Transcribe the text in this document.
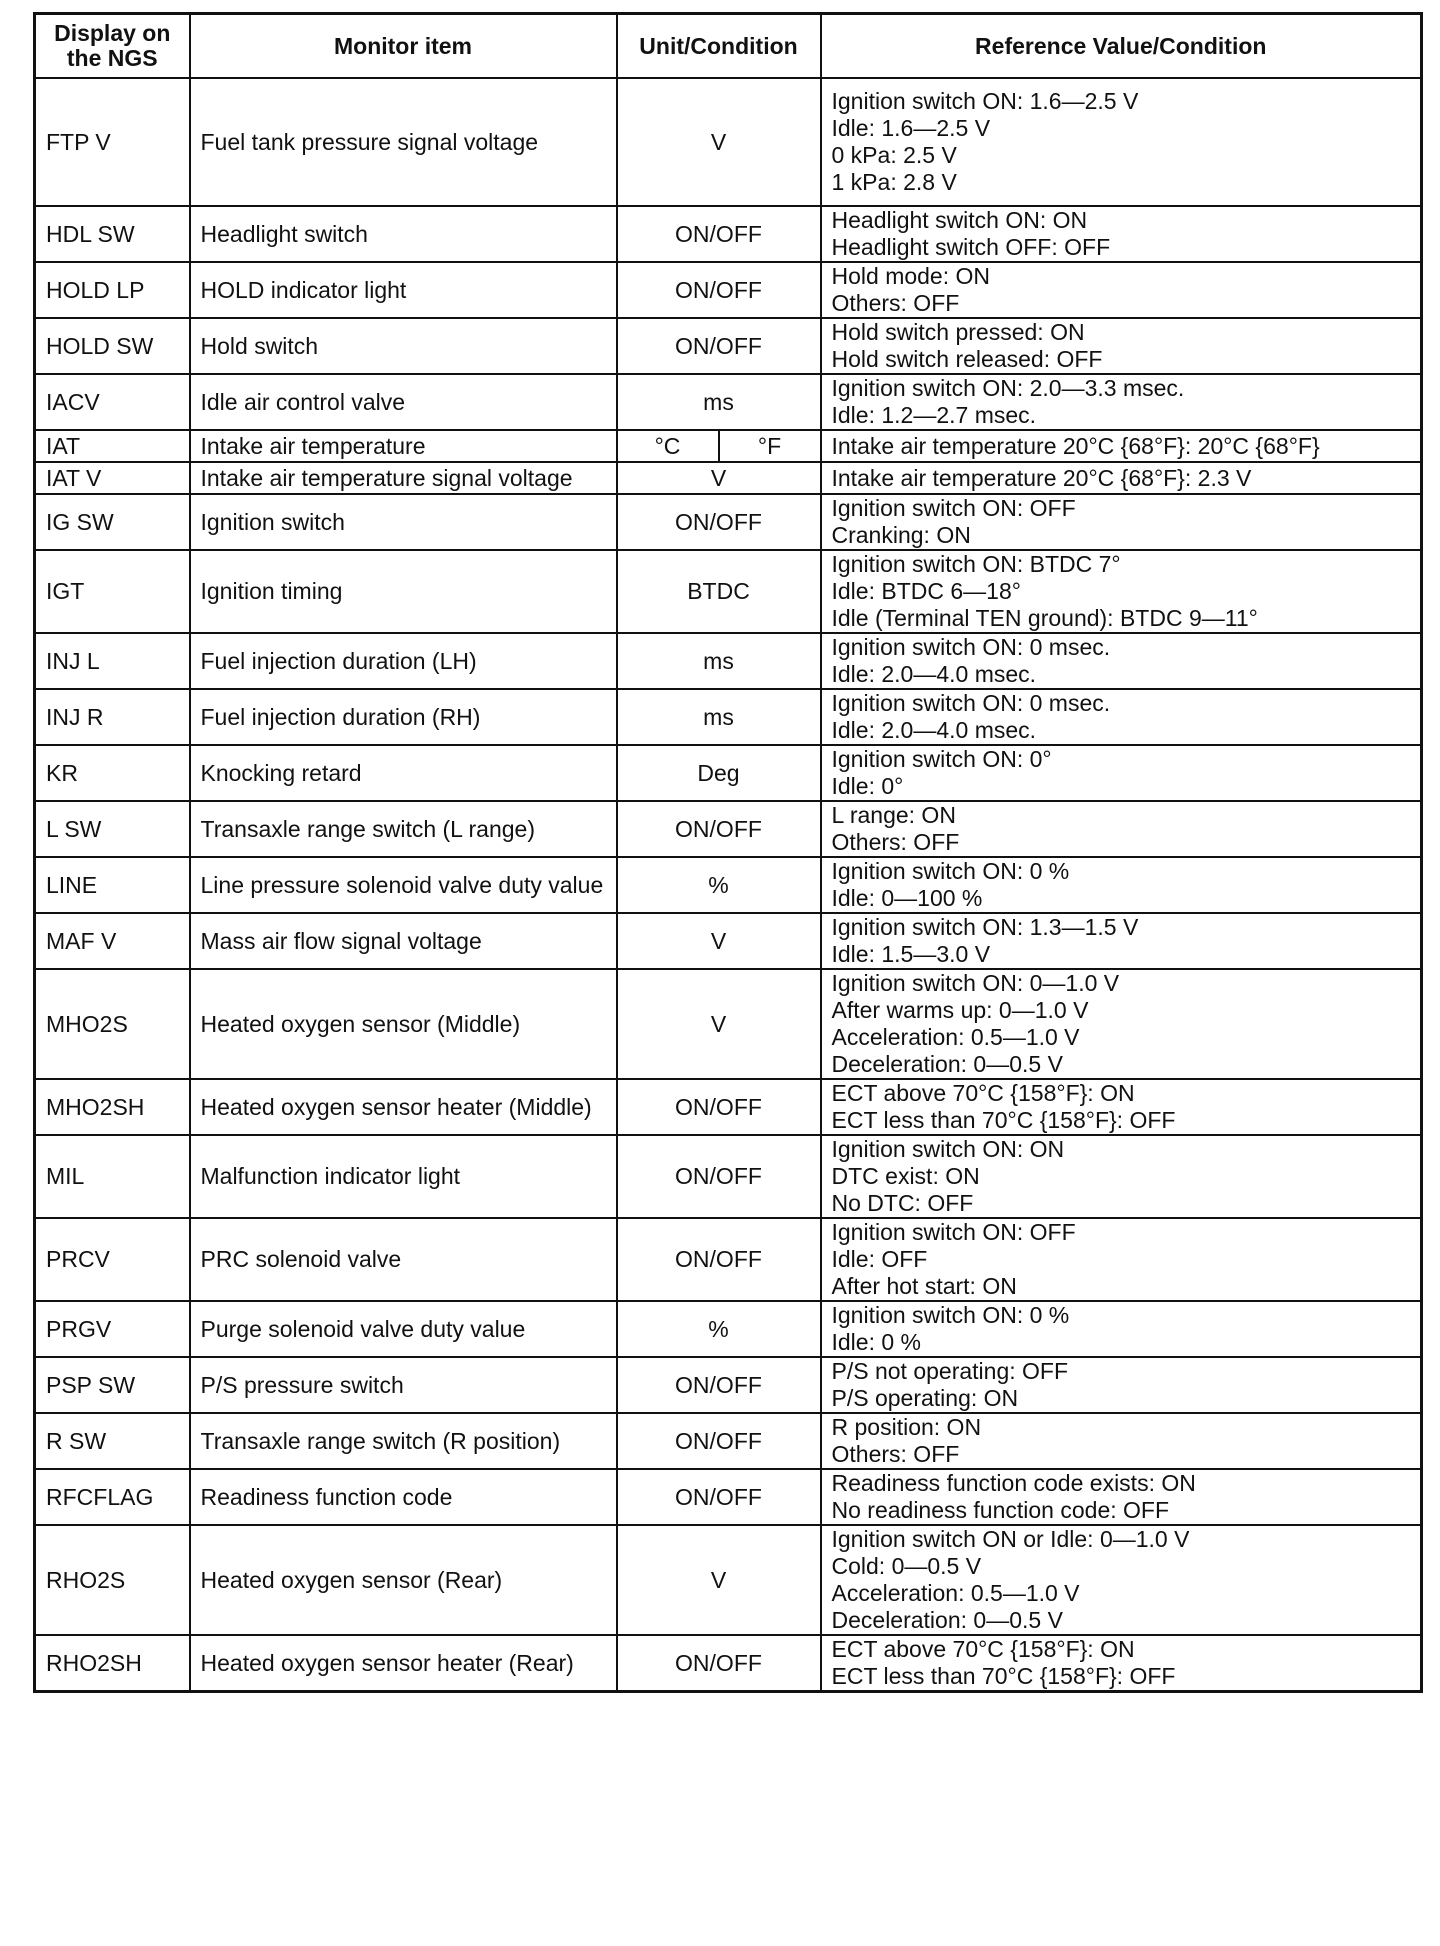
Display on the NGS	Monitor item	Unit/Condition		Reference Value/Condition
FTP V	Fuel tank pressure signal voltage	V		Ignition switch ON: 1.6—2.5 V
Idle: 1.6—2.5 V
0 kPa: 2.5 V
1 kPa: 2.8 V

HDL SW	Headlight switch	ON/OFF		Headlight switch ON: ON
Headlight switch OFF: OFF

HOLD LP	HOLD indicator light	ON/OFF		Hold mode: ON
Others: OFF

HOLD SW	Hold switch	ON/OFF		Hold switch pressed: ON
Hold switch released: OFF

IACV	Idle air control valve	ms		Ignition switch ON: 2.0—3.3 msec.
Idle: 1.2—2.7 msec.

IAT	Intake air temperature	°C	°F	Intake air temperature 20°C {68°F}: 20°C {68°F}

IAT V	Intake air temperature signal voltage	V		Intake air temperature 20°C {68°F}: 2.3 V

IG SW	Ignition switch	ON/OFF		Ignition switch ON: OFF
Cranking: ON

IGT	Ignition timing	BTDC		Ignition switch ON: BTDC 7°
Idle: BTDC 6—18°
Idle (Terminal TEN ground): BTDC 9—11°

INJ L	Fuel injection duration (LH)	ms		Ignition switch ON: 0 msec.
Idle: 2.0—4.0 msec.

INJ R	Fuel injection duration (RH)	ms		Ignition switch ON: 0 msec.
Idle: 2.0—4.0 msec.

KR	Knocking retard	Deg		Ignition switch ON: 0°
Idle: 0°

L SW	Transaxle range switch (L range)	ON/OFF		L range: ON
Others: OFF

LINE	Line pressure solenoid valve duty value	%		Ignition switch ON: 0 %
Idle: 0—100 %

MAF V	Mass air flow signal voltage	V		Ignition switch ON: 1.3—1.5 V
Idle: 1.5—3.0 V

MHO2S	Heated oxygen sensor (Middle)	V		Ignition switch ON: 0—1.0 V
After warms up: 0—1.0 V
Acceleration: 0.5—1.0 V
Deceleration: 0—0.5 V

MHO2SH	Heated oxygen sensor heater (Middle)	ON/OFF		ECT above 70°C {158°F}: ON
ECT less than 70°C {158°F}: OFF

MIL	Malfunction indicator light	ON/OFF		Ignition switch ON: ON
DTC exist: ON
No DTC: OFF

PRCV	PRC solenoid valve	ON/OFF		Ignition switch ON: OFF
Idle: OFF
After hot start: ON

PRGV	Purge solenoid valve duty value	%		Ignition switch ON: 0 %
Idle: 0 %

PSP SW	P/S pressure switch	ON/OFF		P/S not operating: OFF
P/S operating: ON

R SW	Transaxle range switch (R position)	ON/OFF		R position: ON
Others: OFF

RFCFLAG	Readiness function code	ON/OFF		Readiness function code exists: ON
No readiness function code: OFF

RHO2S	Heated oxygen sensor (Rear)	V		Ignition switch ON or Idle: 0—1.0 V
Cold: 0—0.5 V
Acceleration: 0.5—1.0 V
Deceleration: 0—0.5 V

RHO2SH	Heated oxygen sensor heater (Rear)	ON/OFF		ECT above 70°C {158°F}: ON
ECT less than 70°C {158°F}: OFF
